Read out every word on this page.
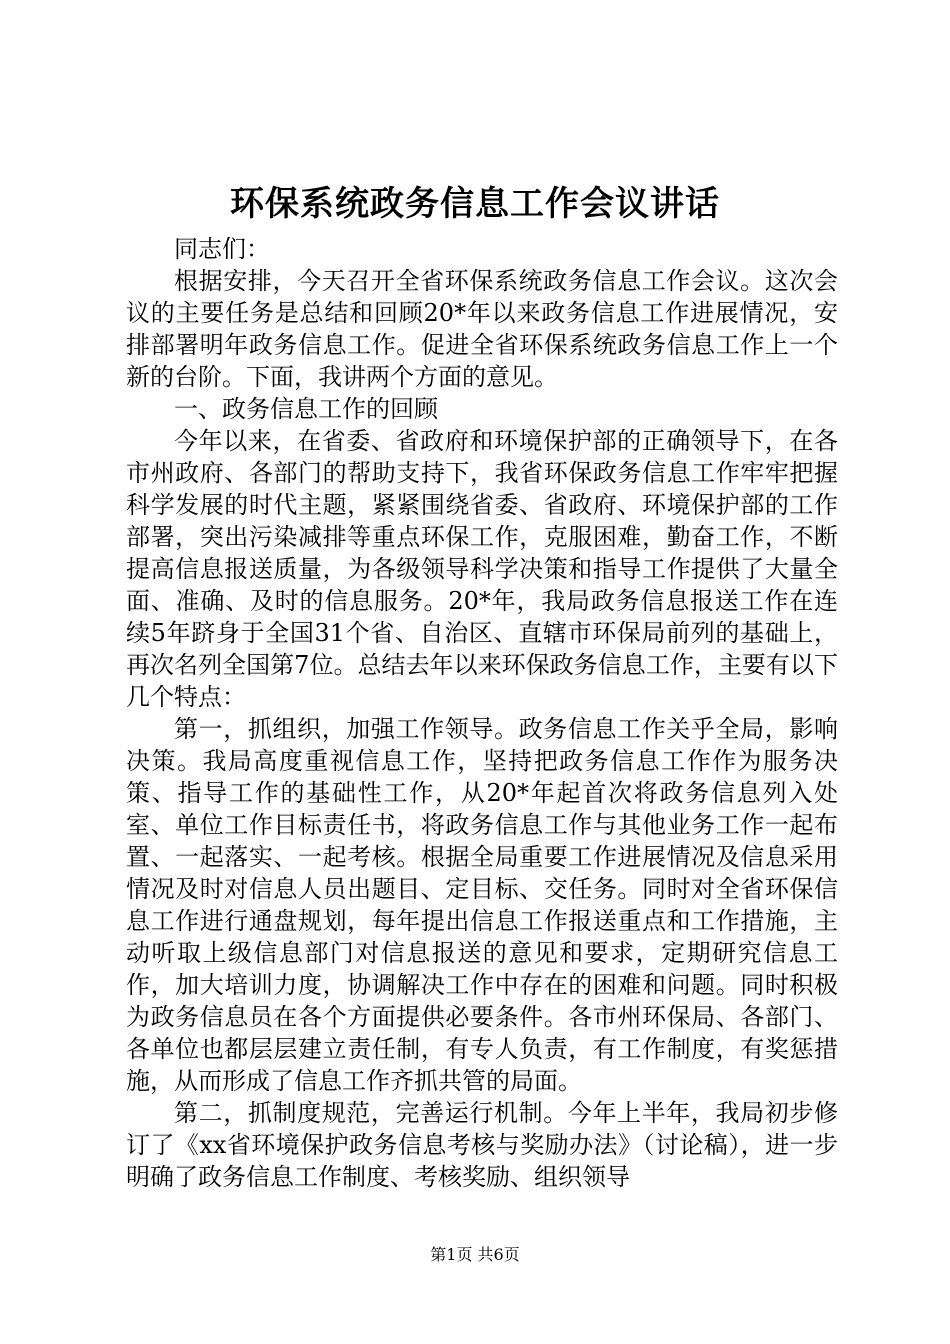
环保系统政务信息工作会议讲话

同志们：

根据安排，今天召开全省环保系统政务信息工作会议。这次会议的主要任务是总结和回顾20*年以来政务信息工作进展情况，安排部署明年政务信息工作。促进全省环保系统政务信息工作上一个新的台阶。下面，我讲两个方面的意见。

一、政务信息工作的回顾

今年以来，在省委、省政府和环境保护部的正确领导下，在各市州政府、各部门的帮助支持下，我省环保政务信息工作牢牢把握科学发展的时代主题，紧紧围绕省委、省政府、环境保护部的工作部署，突出污染减排等重点环保工作，克服困难，勤奋工作，不断提高信息报送质量，为各级领导科学决策和指导工作提供了大量全面、准确、及时的信息服务。20*年，我局政务信息报送工作在连续5年跻身于全国31个省、自治区、直辖市环保局前列的基础上，再次名列全国第7位。总结去年以来环保政务信息工作，主要有以下几个特点：

第一，抓组织，加强工作领导。政务信息工作关乎全局，影响决策。我局高度重视信息工作，坚持把政务信息工作作为服务决策、指导工作的基础性工作，从20*年起首次将政务信息列入处室、单位工作目标责任书，将政务信息工作与其他业务工作一起布置、一起落实、一起考核。根据全局重要工作进展情况及信息采用情况及时对信息人员出题目、定目标、交任务。同时对全省环保信息工作进行通盘规划，每年提出信息工作报送重点和工作措施，主动听取上级信息部门对信息报送的意见和要求，定期研究信息工作，加大培训力度，协调解决工作中存在的困难和问题。同时积极为政务信息员在各个方面提供必要条件。各市州环保局、各部门、各单位也都层层建立责任制，有专人负责，有工作制度，有奖惩措施，从而形成了信息工作齐抓共管的局面。

第二，抓制度规范，完善运行机制。今年上半年，我局初步修订了《xx省环境保护政务信息考核与奖励办法》（讨论稿），进一步明确了政务信息工作制度、考核奖励、组织领导

第1页 共6页
